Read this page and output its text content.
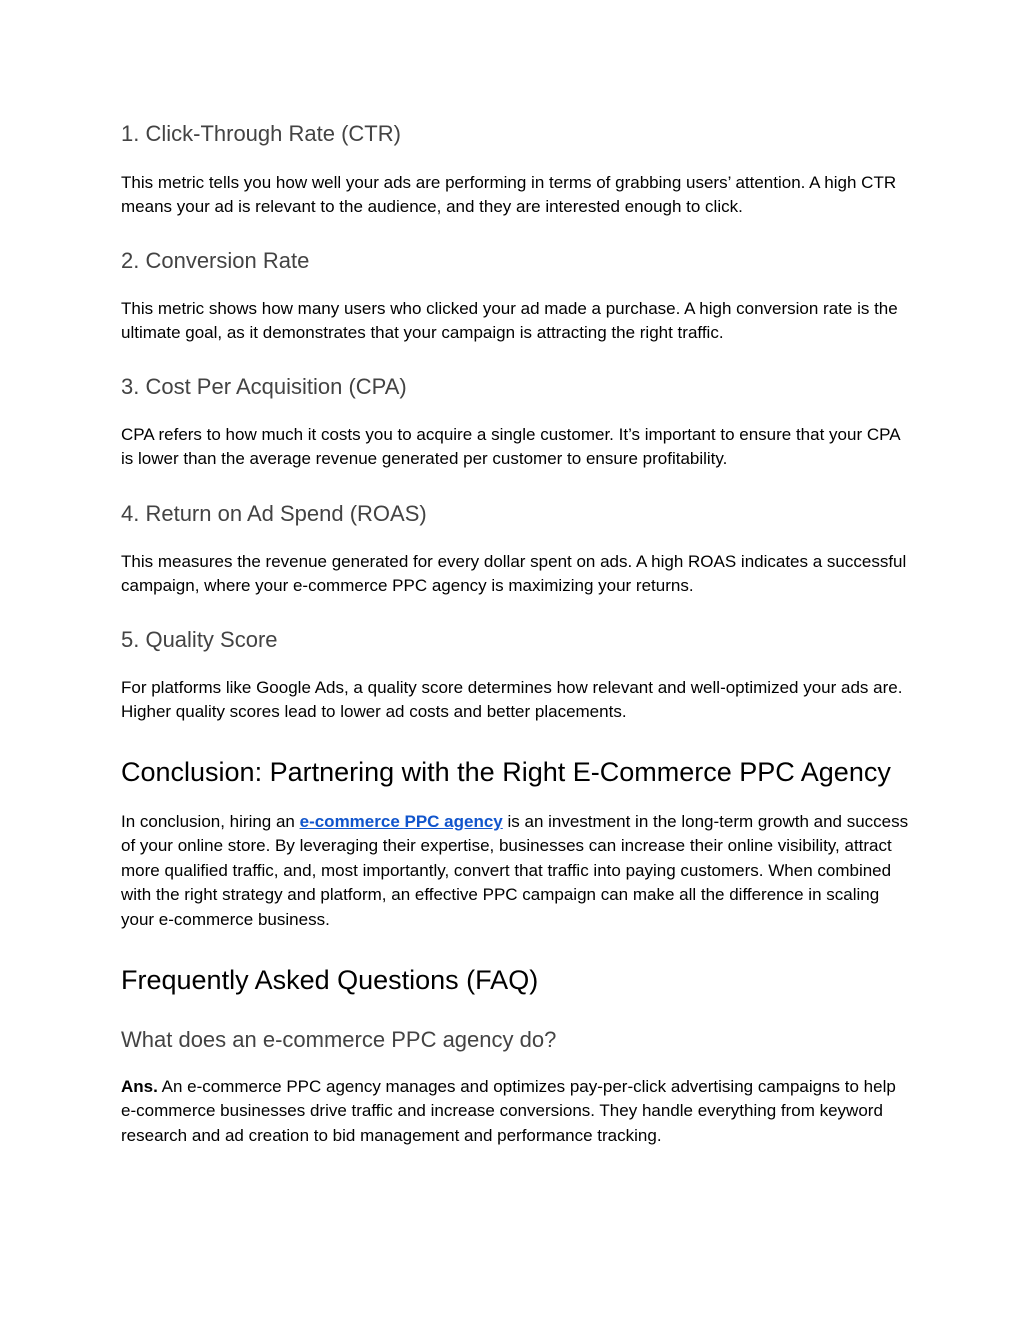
1. Click-Through Rate (CTR)

This metric tells you how well your ads are performing in terms of grabbing users’ attention. A high CTR means your ad is relevant to the audience, and they are interested enough to click.

2. Conversion Rate

This metric shows how many users who clicked your ad made a purchase. A high conversion rate is the ultimate goal, as it demonstrates that your campaign is attracting the right traffic.

3. Cost Per Acquisition (CPA)

CPA refers to how much it costs you to acquire a single customer. It’s important to ensure that your CPA is lower than the average revenue generated per customer to ensure profitability.

4. Return on Ad Spend (ROAS)

This measures the revenue generated for every dollar spent on ads. A high ROAS indicates a successful campaign, where your e-commerce PPC agency is maximizing your returns.

5. Quality Score

For platforms like Google Ads, a quality score determines how relevant and well-optimized your ads are. Higher quality scores lead to lower ad costs and better placements.

Conclusion: Partnering with the Right E-Commerce PPC Agency

In conclusion, hiring an e-commerce PPC agency is an investment in the long-term growth and success of your online store. By leveraging their expertise, businesses can increase their online visibility, attract more qualified traffic, and, most importantly, convert that traffic into paying customers. When combined with the right strategy and platform, an effective PPC campaign can make all the difference in scaling your e-commerce business.

Frequently Asked Questions (FAQ)
What does an e-commerce PPC agency do?

Ans. An e-commerce PPC agency manages and optimizes pay-per-click advertising campaigns to help e-commerce businesses drive traffic and increase conversions. They handle everything from keyword research and ad creation to bid management and performance tracking.
